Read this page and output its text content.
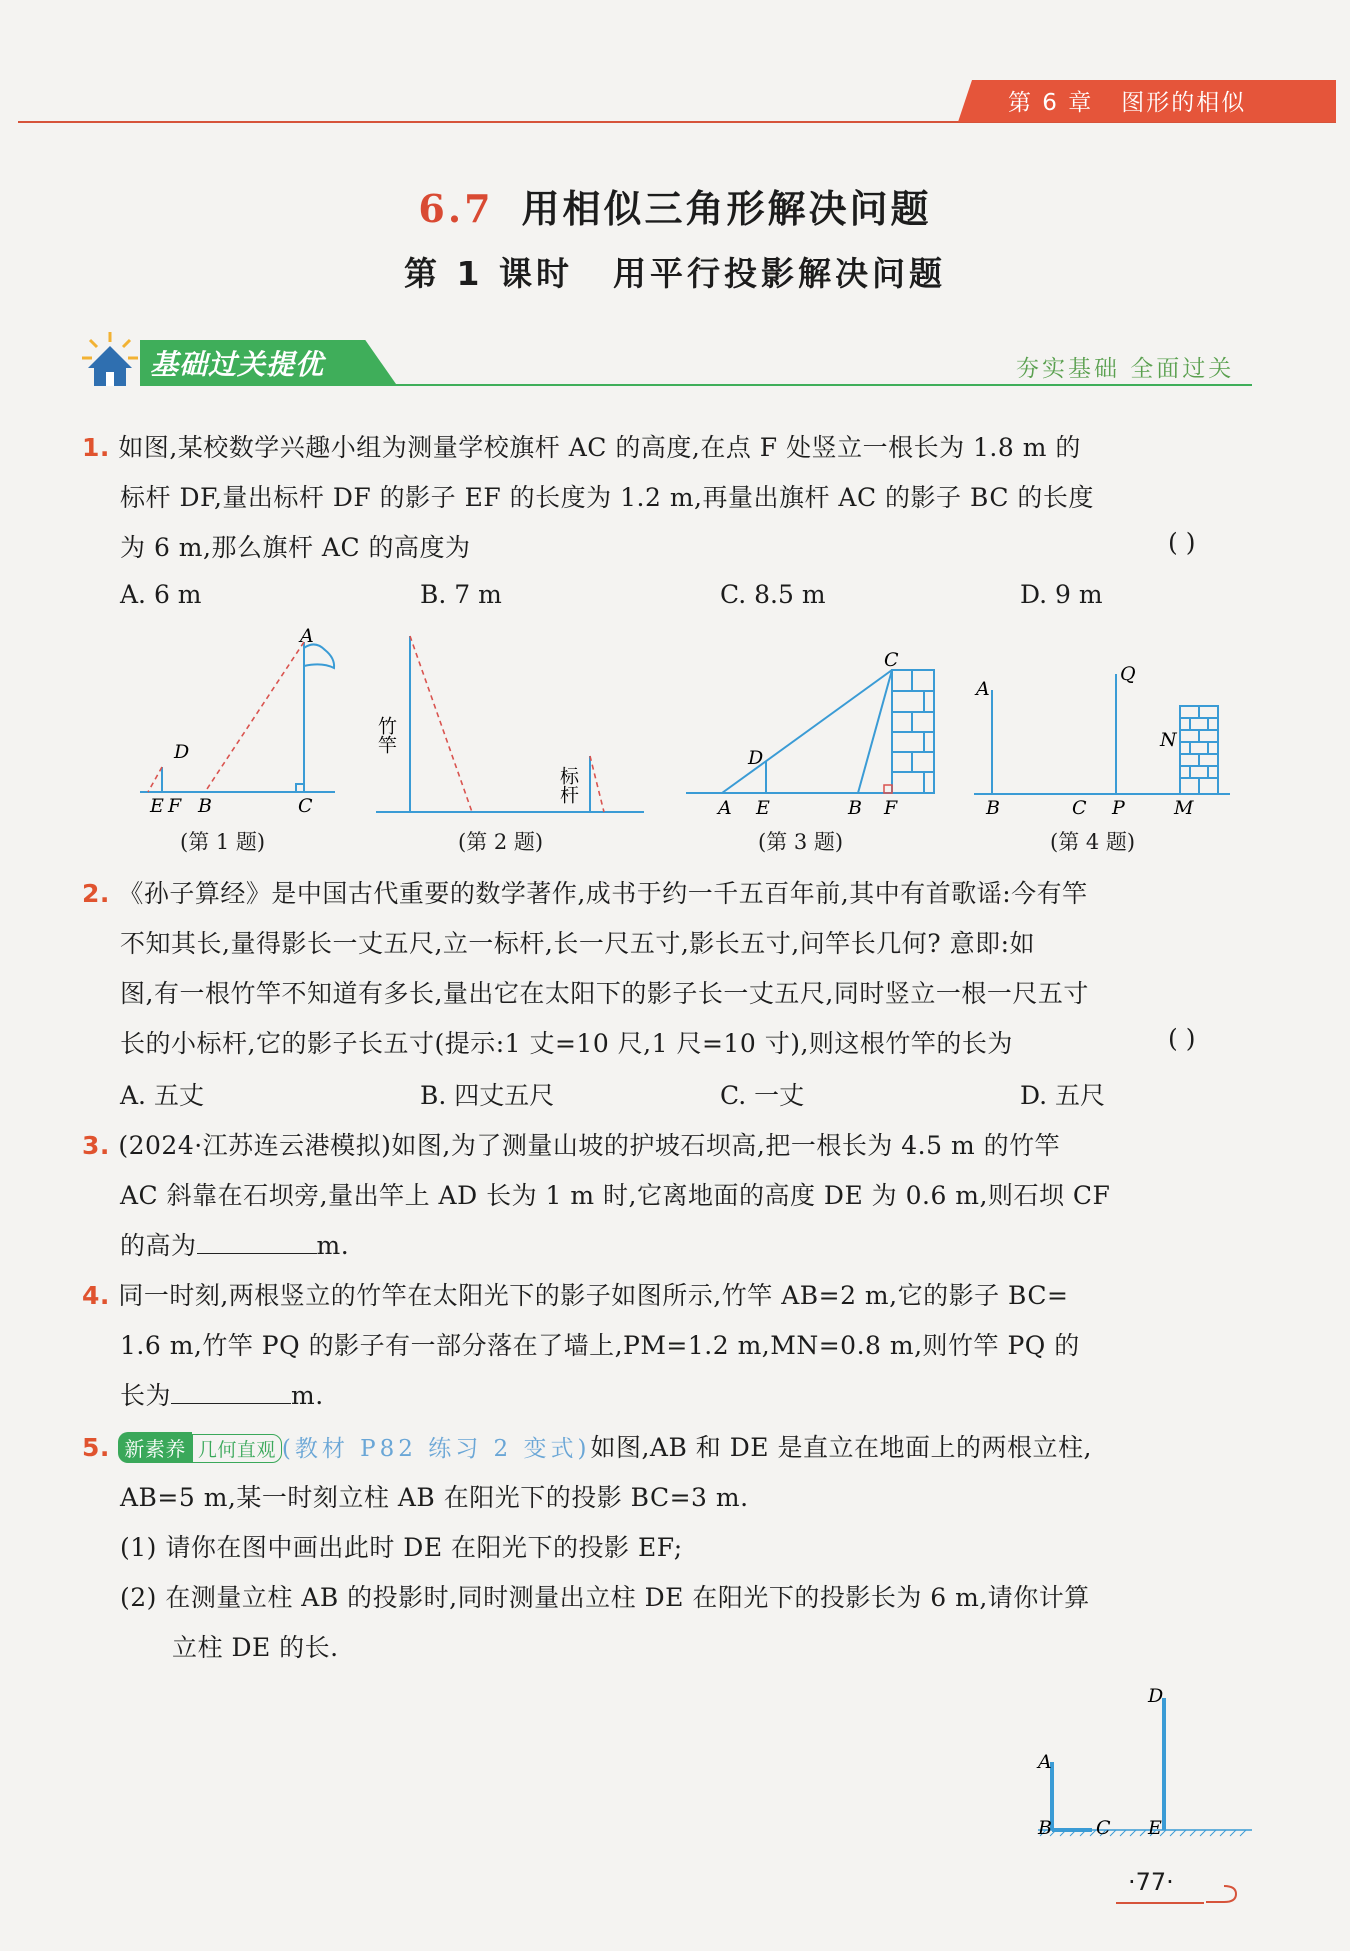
第 6 章 图形的相似
6.7 用相似三角形解决问题
第 1 课时 用平行投影解决问题
基础过关提优	夯实基础 全面过关
1. 如图,某校数学兴趣小组为测量学校旗杆 AC 的高度,在点 F 处竖立一根长为 1.8 m 的
标杆 DF,量出标杆 DF 的影子 EF 的长度为 1.2 m,再量出旗杆 AC 的影子 BC 的长度
为 6 m,那么旗杆 AC 的高度为	( )
A. 6 m	B. 7 m	C. 8.5 m	D. 9 m
A
D
E F B	C
(第 1 题)
竹竿
标杆
(第 2 题)
C
D
A E	B F
(第 3 题)
A
Q
N
B	C P	M
(第 4 题)
2. 《孙子算经》是中国古代重要的数学著作,成书于约一千五百年前,其中有首歌谣:今有竿
不知其长,量得影长一丈五尺,立一标杆,长一尺五寸,影长五寸,问竿长几何? 意即:如
图,有一根竹竿不知道有多长,量出它在太阳下的影子长一丈五尺,同时竖立一根一尺五寸
长的小标杆,它的影子长五寸(提示:1 丈=10 尺,1 尺=10 寸),则这根竹竿的长为	( )
A. 五丈	B. 四丈五尺	C. 一丈	D. 五尺
3. (2024·江苏连云港模拟)如图,为了测量山坡的护坡石坝高,把一根长为 4.5 m 的竹竿
AC 斜靠在石坝旁,量出竿上 AD 长为 1 m 时,它离地面的高度 DE 为 0.6 m,则石坝 CF
的高为	m.
4. 同一时刻,两根竖立的竹竿在太阳光下的影子如图所示,竹竿 AB=2 m,它的影子 BC=
1.6 m,竹竿 PQ 的影子有一部分落在了墙上,PM=1.2 m,MN=0.8 m,则竹竿 PQ 的
长为	m.
5. 新素养 几何直观 (教材 P82 练习 2 变式)如图,AB 和 DE 是直立在地面上的两根立柱,
AB=5 m,某一时刻立柱 AB 在阳光下的投影 BC=3 m.
(1) 请你在图中画出此时 DE 在阳光下的投影 EF;
(2) 在测量立柱 AB 的投影时,同时测量出立柱 DE 在阳光下的投影长为 6 m,请你计算
立柱 DE 的长.
D
A
B C E
·77·
